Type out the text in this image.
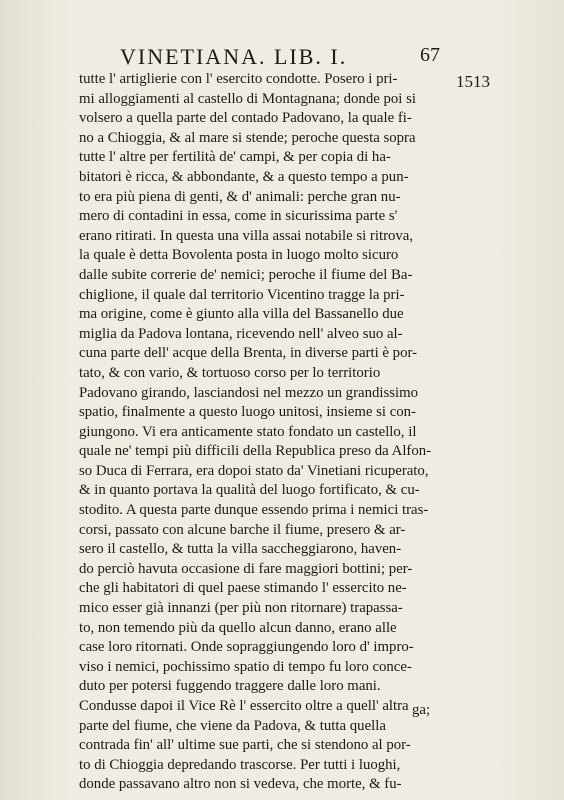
VINETIANA. LIB. I.	67
1513
tutte l' artiglierie con l' esercito condotte. Posero i pri-
mi alloggiamenti al castello di Montagnana; donde poi si
volsero a quella parte del contado Padovano, la quale fi-
no a Chioggia, & al mare si stende; peroche questa sopra
tutte l' altre per fertilità de' campi, & per copia di ha-
bitatori è ricca, & abbondante, & a questo tempo a pun-
to era più piena di genti, & d' animali: perche gran nu-
mero di contadini in essa, come in sicurissima parte s'
erano ritirati. In questa una villa assai notabile si ritrova,
la quale è detta Bovolenta posta in luogo molto sicuro
dalle subite correrie de' nemici; peroche il fiume del Ba-
chiglione, il quale dal territorio Vicentino tragge la pri-
ma origine, come è giunto alla villa del Bassanello due
miglia da Padova lontana, ricevendo nell' alveo suo al-
cuna parte dell' acque della Brenta, in diverse parti è por-
tato, & con vario, & tortuoso corso per lo territorio
Padovano girando, lasciandosi nel mezzo un grandissimo
spatio, finalmente a questo luogo unitosi, insieme si con-
giungono. Vi era anticamente stato fondato un castello, il
quale ne' tempi più difficili della Republica preso da Alfon-
so Duca di Ferrara, era dopoi stato da' Vinetiani ricuperato,
& in quanto portava la qualità del luogo fortificato, & cu-
stodito. A questa parte dunque essendo prima i nemici tras-
corsi, passato con alcune barche il fiume, presero & ar-
sero il castello, & tutta la villa saccheggiarono, haven-
do perciò havuta occasione di fare maggiori bottini; per-
che gli habitatori di quel paese stimando l' essercito ne-
mico esser già innanzi (per più non ritornare) trapassa-
to, non temendo più da quello alcun danno, erano alle
case loro ritornati. Onde sopraggiungendo loro d' impro-
viso i nemici, pochissimo spatio di tempo fu loro conce-
duto per potersi fuggendo traggere dalle loro mani.
Condusse dapoi il Vice Rè l' essercito oltre a quell' altra
parte del fiume, che viene da Padova, & tutta quella
contrada fin' all' ultime sue parti, che si stendono al por-
to di Chioggia depredando trascorse. Per tutti i luoghi,
donde passavano altro non si vedeva, che morte, & fu-
ga;
